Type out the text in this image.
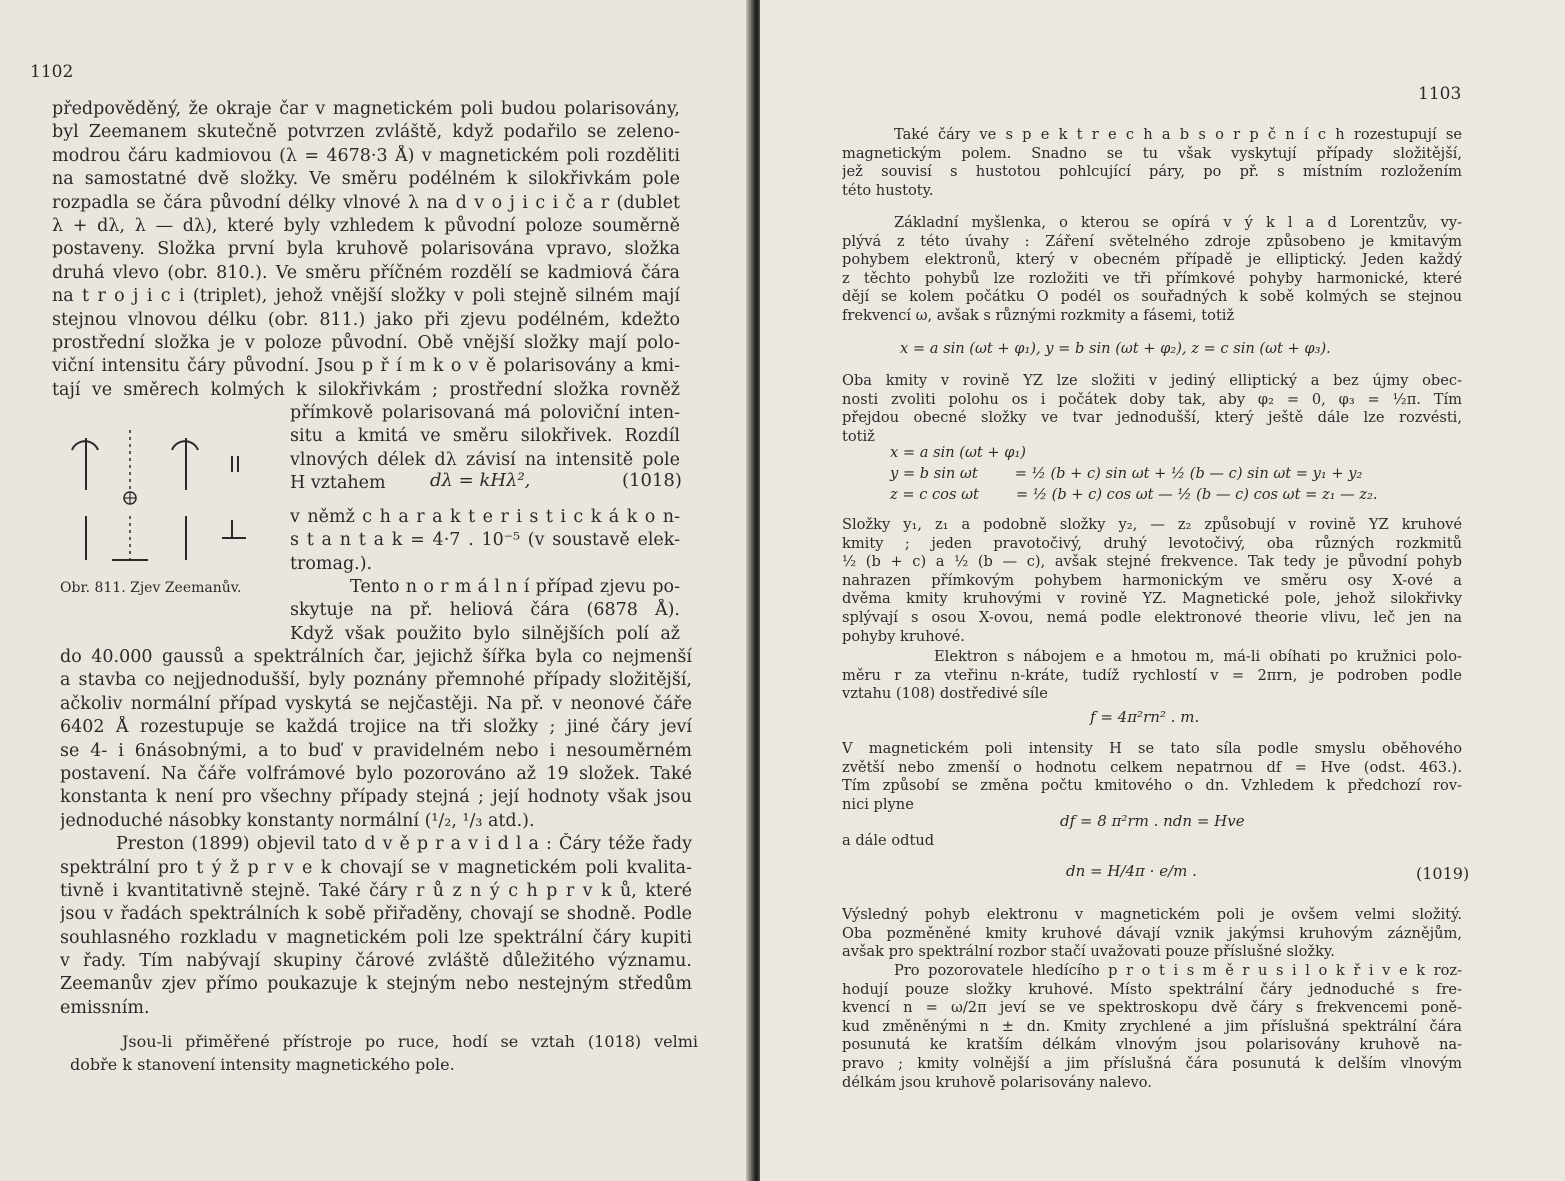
1102
předpověděný, že okraje čar v magnetickém poli budou polarisovány,
byl Zeemanem skutečně potvrzen zvláště, když podařilo se zeleno-
modrou čáru kadmiovou (λ = 4678·3 Å) v magnetickém poli rozděliti
na samostatné dvě složky. Ve směru podélném k silokřivkám pole
rozpadla se čára původní délky vlnové λ na d v o j i c i č a r (dublet
λ + dλ, λ — dλ), které byly vzhledem k původní poloze souměrně
postaveny. Složka první byla kruhově polarisována vpravo, složka
druhá vlevo (obr. 810.). Ve směru příčném rozdělí se kadmiová čára
na t r o j i c i (triplet), jehož vnější složky v poli stejně silném mají
stejnou vlnovou délku (obr. 811.) jako při zjevu podélném, kdežto
prostřední složka je v poloze původní. Obě vnější složky mají polo-
viční intensitu čáry původní. Jsou p ř í m k o v ě polarisovány a kmi-
tají ve směrech kolmých k silokřivkám ; prostřední složka rovněž
přímkově polarisovaná má poloviční inten-
situ a kmitá ve směru silokřivek. Rozdíl
vlnových délek dλ závisí na intensitě pole
H vztahem	dλ = kHλ²,	(1018)
v němž c h a r a k t e r i s t i c k á k o n-
s t a n t a k = 4·7 . 10⁻⁵ (v soustavě elek-
tromag.).
Tento n o r m á l n í případ zjevu po-
skytuje na př. heliová čára (6878 Å).
Když však použito bylo silnějších polí až
Obr. 811. Zjev Zeemanův.
do 40.000 gaussů a spektrálních čar, jejichž šířka byla co nejmenší
a stavba co nejjednodušší, byly poznány přemnohé případy složitější,
ačkoliv normální případ vyskytá se nejčastěji. Na př. v neonové čáře
6402 Å rozestupuje se každá trojice na tři složky ; jiné čáry jeví
se 4- i 6násobnými, a to buď v pravidelném nebo i nesouměrném
postavení. Na čáře volfrámové bylo pozorováno až 19 složek. Také
konstanta k není pro všechny případy stejná ; její hodnoty však jsou
jednoduché násobky konstanty normální (¹/₂, ¹/₃ atd.).
Preston (1899) objevil tato d v ě p r a v i d l a : Čáry téže řady
spektrální pro t ý ž p r v e k chovají se v magnetickém poli kvalita-
tivně i kvantitativně stejně. Také čáry r ů z n ý c h p r v k ů, které
jsou v řadách spektrálních k sobě přiřaděny, chovají se shodně. Podle
souhlasného rozkladu v magnetickém poli lze spektrální čáry kupiti
v řady. Tím nabývají skupiny čárové zvláště důležitého významu.
Zeemanův zjev přímo poukazuje k stejným nebo nestejným středům
emissním.
Jsou-li přiměřené přístroje po ruce, hodí se vztah (1018) velmi
dobře k stanovení intensity magnetického pole.
1103
Také čáry ve s p e k t r e c h a b s o r p č n í c h rozestupují se
magnetickým polem. Snadno se tu však vyskytují případy složitější,
jež souvisí s hustotou pohlcující páry, po př. s místním rozložením
této hustoty.
Základní myšlenka, o kterou se opírá v ý k l a d Lorentzův, vy-
plývá z této úvahy : Záření světelného zdroje způsobeno je kmitavým
pohybem elektronů, který v obecném případě je elliptický. Jeden každý
z těchto pohybů lze rozložiti ve tři přímkové pohyby harmonické, které
dějí se kolem počátku O podél os souřadných k sobě kolmých se stejnou
frekvencí ω, avšak s různými rozkmity a fásemi, totiž
x = a sin (ωt + φ₁), y = b sin (ωt + φ₂), z = c sin (ωt + φ₃).
Oba kmity v rovině YZ lze složiti v jediný elliptický a bez újmy obec-
nosti zvoliti polohu os i počátek doby tak, aby φ₂ = 0, φ₃ = ½π. Tím
přejdou obecné složky ve tvar jednodušší, který ještě dále lze rozvésti,
totiž
x = a sin (ωt + φ₁)
y = b sin ωt        = ½ (b + c) sin ωt + ½ (b — c) sin ωt = y₁ + y₂
z = c cos ωt        = ½ (b + c) cos ωt — ½ (b — c) cos ωt = z₁ — z₂.
Složky y₁, z₁ a podobně složky y₂, — z₂ způsobují v rovině YZ kruhové
kmity ; jeden pravotočivý, druhý levotočivý, oba různých rozkmitů
½ (b + c) a ½ (b — c), avšak stejné frekvence. Tak tedy je původní pohyb
nahrazen přímkovým pohybem harmonickým ve směru osy X-ové a
dvěma kmity kruhovými v rovině YZ. Magnetické pole, jehož silokřivky
splývají s osou X-ovou, nemá podle elektronové theorie vlivu, leč jen na
pohyby kruhové.
Elektron s nábojem e a hmotou m, má-li obíhati po kružnici polo-
měru r za vteřinu n-kráte, tudíž rychlostí v = 2πrn, je podroben podle
vztahu (108) dostředivé síle
f = 4π²rn² . m.
V magnetickém poli intensity H se tato síla podle smyslu oběhového
zvětší nebo zmenší o hodnotu celkem nepatrnou df = Hve (odst. 463.).
Tím způsobí se změna počtu kmitového o dn. Vzhledem k předchozí rov-
nici plyne
df = 8 π²rm . ndn = Hve
a dále odtud
dn = H/4π · e/m .	(1019)
Výsledný pohyb elektronu v magnetickém poli je ovšem velmi složitý.
Oba pozměněné kmity kruhové dávají vznik jakýmsi kruhovým záznějům,
avšak pro spektrální rozbor stačí uvažovati pouze příslušné složky.
Pro pozorovatele hledícího p r o t i s m ě r u s i l o k ř i v e k roz-
hodují pouze složky kruhové. Místo spektrální čáry jednoduché s fre-
kvencí n = ω/2π jeví se ve spektroskopu dvě čáry s frekvencemi poně-
kud změněnými n ± dn. Kmity zrychlené a jim příslušná spektrální čára
posunutá ke kratším délkám vlnovým jsou polarisovány kruhově na-
pravo ; kmity volnější a jim příslušná čára posunutá k delším vlnovým
délkám jsou kruhově polarisovány nalevo.
